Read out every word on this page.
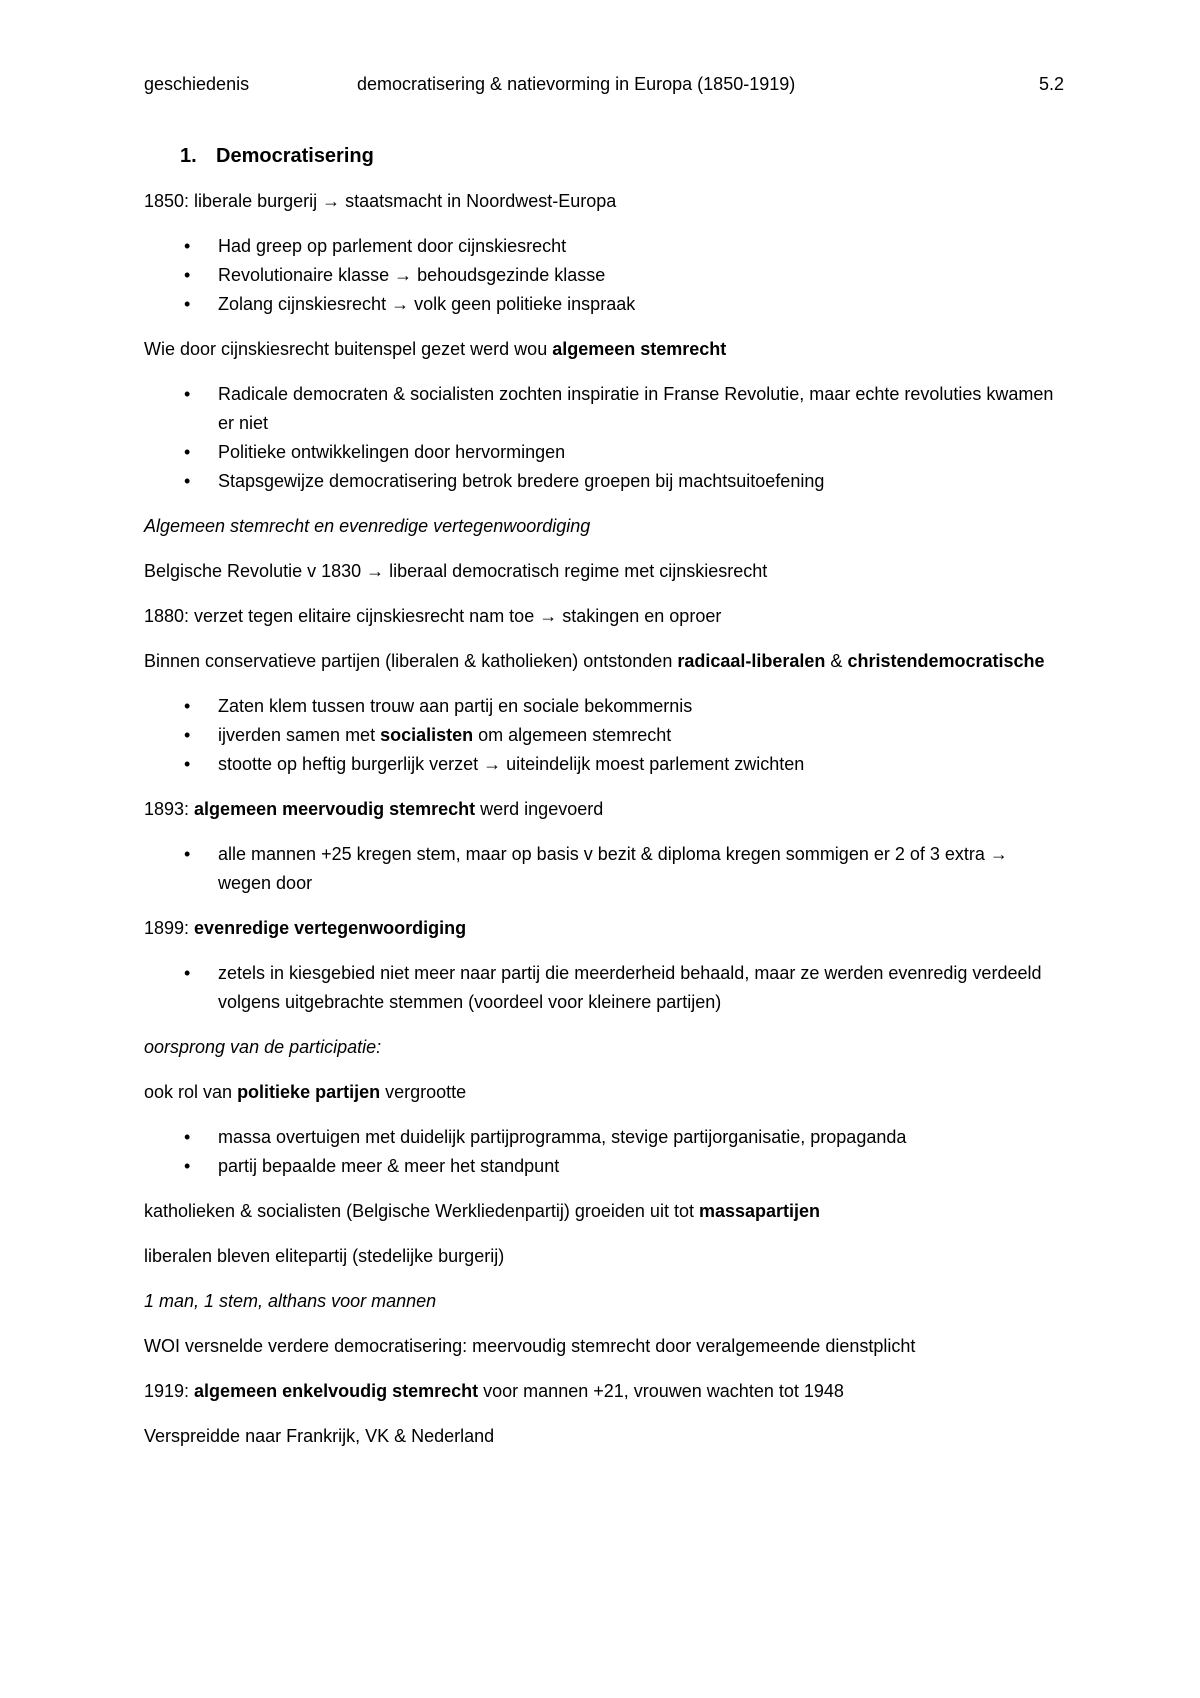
geschiedenis	democratisering & natievorming in Europa (1850-1919)	5.2
1. Democratisering

1850: liberale burgerij → staatsmacht in Noordwest-Europa

• Had greep op parlement door cijnskiesrecht
• Revolutionaire klasse → behoudsgezinde klasse
• Zolang cijnskiesrecht → volk geen politieke inspraak

Wie door cijnskiesrecht buitenspel gezet werd wou algemeen stemrecht

• Radicale democraten & socialisten zochten inspiratie in Franse Revolutie, maar echte revoluties kwamen er niet
• Politieke ontwikkelingen door hervormingen
• Stapsgewijze democratisering betrok bredere groepen bij machtsuitoefening

Algemeen stemrecht en evenredige vertegenwoordiging

Belgische Revolutie v 1830 → liberaal democratisch regime met cijnskiesrecht

1880: verzet tegen elitaire cijnskiesrecht nam toe → stakingen en oproer

Binnen conservatieve partijen (liberalen & katholieken) ontstonden radicaal-liberalen & christendemocratische

• Zaten klem tussen trouw aan partij en sociale bekommernis
• ijverden samen met socialisten om algemeen stemrecht
• stootte op heftig burgerlijk verzet → uiteindelijk moest parlement zwichten

1893: algemeen meervoudig stemrecht werd ingevoerd

• alle mannen +25 kregen stem, maar op basis v bezit & diploma kregen sommigen er 2 of 3 extra → wegen door

1899: evenredige vertegenwoordiging

• zetels in kiesgebied niet meer naar partij die meerderheid behaald, maar ze werden evenredig verdeeld volgens uitgebrachte stemmen (voordeel voor kleinere partijen)

oorsprong van de participatie:

ook rol van politieke partijen vergrootte

• massa overtuigen met duidelijk partijprogramma, stevige partijorganisatie, propaganda
• partij bepaalde meer & meer het standpunt

katholieken & socialisten (Belgische Werkliedenpartij) groeiden uit tot massapartijen

liberalen bleven elitepartij (stedelijke burgerij)

1 man, 1 stem, althans voor mannen

WOI versnelde verdere democratisering: meervoudig stemrecht door veralgemeende dienstplicht

1919: algemeen enkelvoudig stemrecht voor mannen +21, vrouwen wachten tot 1948

Verspreidde naar Frankrijk, VK & Nederland
